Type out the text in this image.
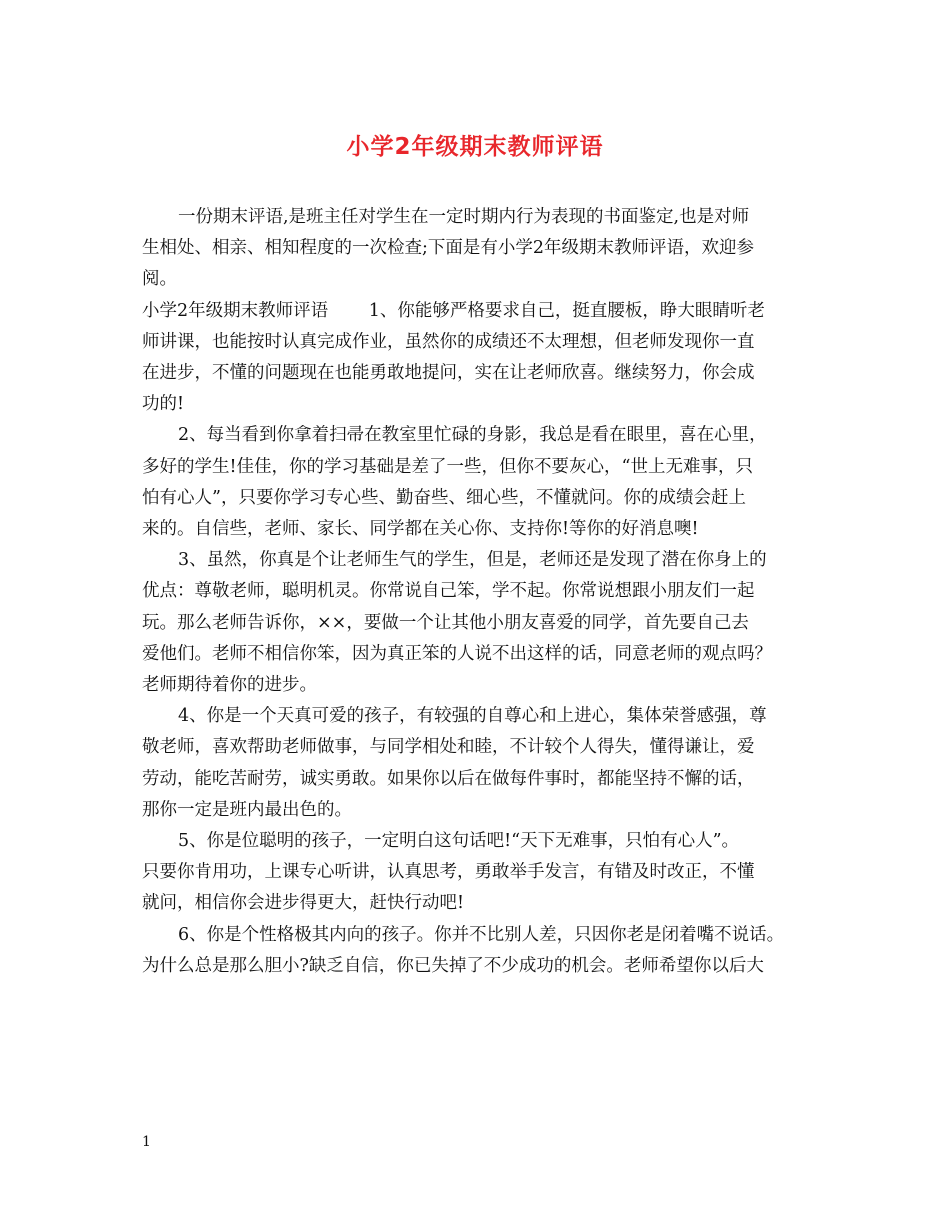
小学2年级期末教师评语
一份期末评语,是班主任对学生在一定时期内行为表现的书面鉴定,也是对师
生相处、相亲、相知程度的一次检查;下面是有小学2年级期末教师评语，欢迎参
阅。
小学2年级期末教师评语　　 1、你能够严格要求自己，挺直腰板，睁大眼睛听老
师讲课，也能按时认真完成作业，虽然你的成绩还不太理想，但老师发现你一直
在进步，不懂的问题现在也能勇敢地提问，实在让老师欣喜。继续努力，你会成
功的!
2、每当看到你拿着扫帚在教室里忙碌的身影，我总是看在眼里，喜在心里，
多好的学生!佳佳，你的学习基础是差了一些，但你不要灰心，“世上无难事，只
怕有心人”，只要你学习专心些、勤奋些、细心些，不懂就问。你的成绩会赶上
来的。自信些，老师、家长、同学都在关心你、支持你!等你的好消息噢!
3、虽然，你真是个让老师生气的学生，但是，老师还是发现了潜在你身上的
优点：尊敬老师，聪明机灵。你常说自己笨，学不起。你常说想跟小朋友们一起
玩。那么老师告诉你，××，要做一个让其他小朋友喜爱的同学，首先要自己去
爱他们。老师不相信你笨，因为真正笨的人说不出这样的话，同意老师的观点吗？
老师期待着你的进步。
4、你是一个天真可爱的孩子，有较强的自尊心和上进心，集体荣誉感强，尊
敬老师，喜欢帮助老师做事，与同学相处和睦，不计较个人得失，懂得谦让，爱
劳动，能吃苦耐劳，诚实勇敢。如果你以后在做每件事时，都能坚持不懈的话，
那你一定是班内最出色的。
5、你是位聪明的孩子，一定明白这句话吧!“天下无难事，只怕有心人”。
只要你肯用功，上课专心听讲，认真思考，勇敢举手发言，有错及时改正，不懂
就问，相信你会进步得更大，赶快行动吧!
6、你是个性格极其内向的孩子。你并不比别人差，只因你老是闭着嘴不说话。
为什么总是那么胆小?缺乏自信，你已失掉了不少成功的机会。老师希望你以后大
1
